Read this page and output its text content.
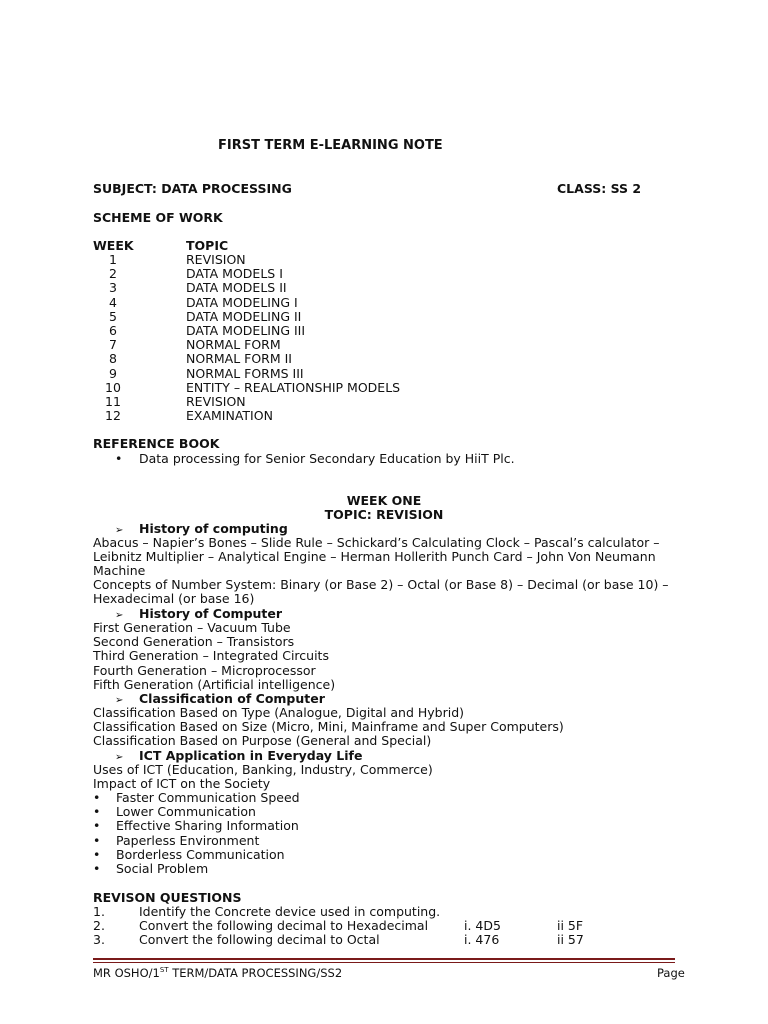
FIRST TERM E-LEARNING NOTE
SUBJECT: DATA PROCESSING	CLASS: SS 2
SCHEME OF WORK
WEEK	TOPIC
1	REVISION
2	DATA MODELS I
3	DATA MODELS II
4	DATA MODELING I
5	DATA MODELING II
6	DATA MODELING III
7	NORMAL FORM
8	NORMAL FORM II
9	NORMAL FORMS III
10	ENTITY – REALATIONSHIP MODELS
11	REVISION
12	EXAMINATION
REFERENCE BOOK
• Data processing for Senior Secondary Education by HiiT Plc.
WEEK ONE
TOPIC: REVISION
➢ History of computing
Abacus – Napier’s Bones – Slide Rule – Schickard’s Calculating Clock – Pascal’s calculator – Leibnitz Multiplier – Analytical Engine – Herman Hollerith Punch Card – John Von Neumann Machine
Concepts of Number System: Binary (or Base 2) – Octal (or Base 8) – Decimal (or base 10) – Hexadecimal (or base 16)
➢ History of Computer
First Generation – Vacuum Tube
Second Generation – Transistors
Third Generation – Integrated Circuits
Fourth Generation – Microprocessor
Fifth Generation (Artificial intelligence)
➢ Classification of Computer
Classification Based on Type (Analogue, Digital and Hybrid)
Classification Based on Size (Micro, Mini, Mainframe and Super Computers)
Classification Based on Purpose (General and Special)
➢ ICT Application in Everyday Life
Uses of ICT (Education, Banking, Industry, Commerce)
Impact of ICT on the Society
• Faster Communication Speed
• Lower Communication
• Effective Sharing Information
• Paperless Environment
• Borderless Communication
• Social Problem
REVISON QUESTIONS
1.	Identify the Concrete device used in computing.
2.	Convert the following decimal to Hexadecimal	i. 4D5	ii 5F
3.	Convert the following decimal to Octal	i. 476	ii 57
MR OSHO/1ST TERM/DATA PROCESSING/SS2	Page
